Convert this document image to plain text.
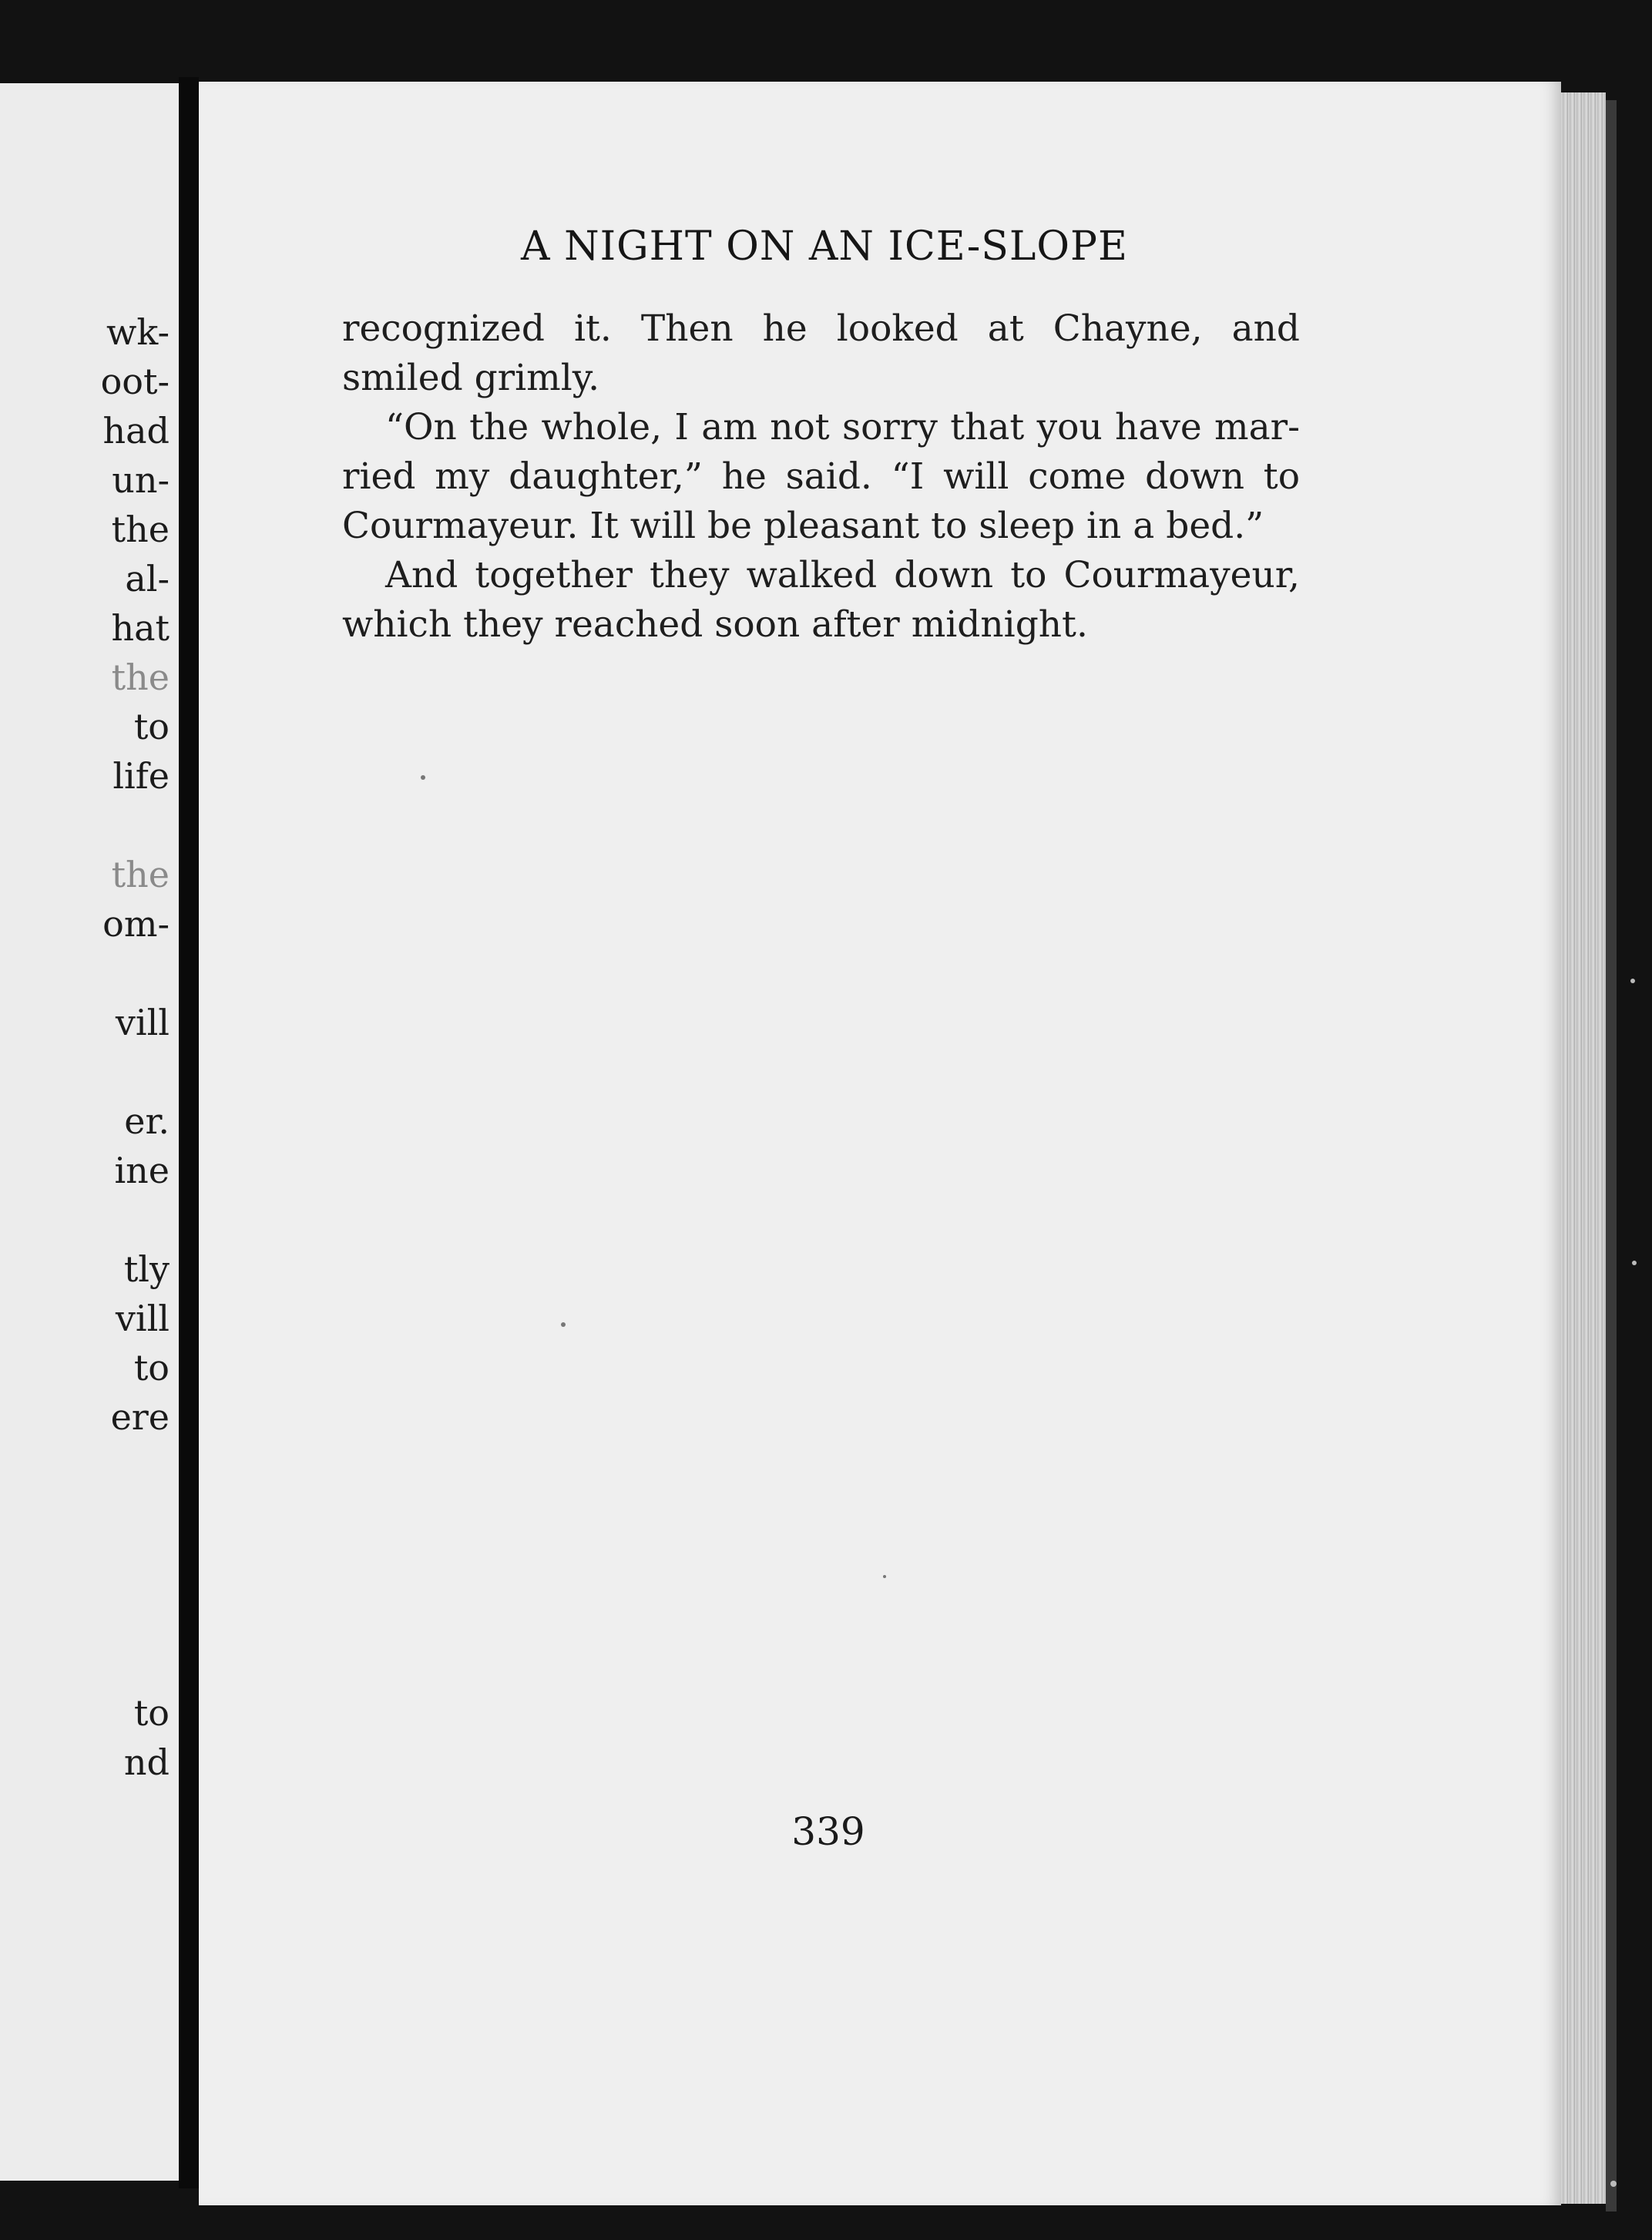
wk-
oot-
had
un-
the
al-
hat
the
to
life
the
om-
vill
er.
ine
tly
vill
to
ere
to
nd
A NIGHT ON AN ICE-SLOPE

recognized it. Then he looked at Chayne, and smiled grimly.

“On the whole, I am not sorry that you have married my daughter,” he said. “I will come down to Courmayeur. It will be pleasant to sleep in a bed.”

And together they walked down to Courmayeur, which they reached soon after midnight.

339
